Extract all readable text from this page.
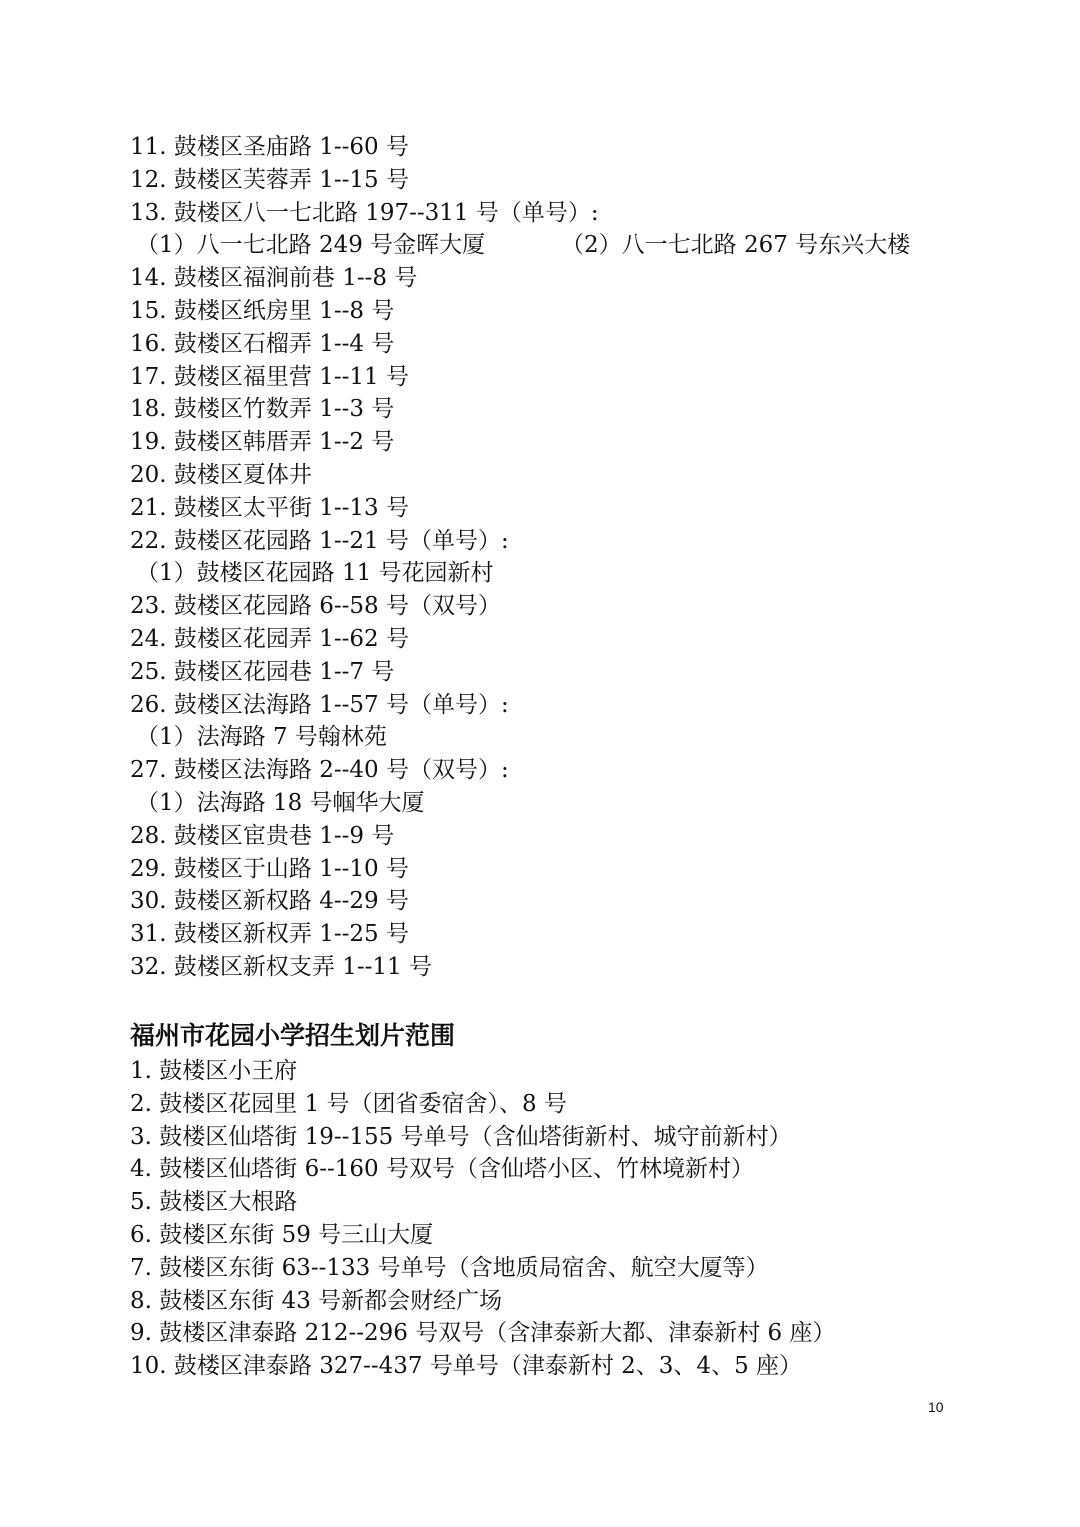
11. 鼓楼区圣庙路 1--60 号
12. 鼓楼区芙蓉弄 1--15 号
13. 鼓楼区八一七北路 197--311 号（单号）:
（1）八一七北路 249 号金晖大厦	（2）八一七北路 267 号东兴大楼
14. 鼓楼区福涧前巷 1--8 号
15. 鼓楼区纸房里 1--8 号
16. 鼓楼区石榴弄 1--4 号
17. 鼓楼区福里营 1--11 号
18. 鼓楼区竹数弄 1--3 号
19. 鼓楼区韩厝弄 1--2 号
20. 鼓楼区夏体井
21. 鼓楼区太平街 1--13 号
22. 鼓楼区花园路 1--21 号（单号）:
（1）鼓楼区花园路 11 号花园新村
23. 鼓楼区花园路 6--58 号（双号）
24. 鼓楼区花园弄 1--62 号
25. 鼓楼区花园巷 1--7 号
26. 鼓楼区法海路 1--57 号（单号）:
（1）法海路 7 号翰林苑
27. 鼓楼区法海路 2--40 号（双号）:
（1）法海路 18 号帼华大厦
28. 鼓楼区宦贵巷 1--9 号
29. 鼓楼区于山路 1--10 号
30. 鼓楼区新权路 4--29 号
31. 鼓楼区新权弄 1--25 号
32. 鼓楼区新权支弄 1--11 号
福州市花园小学招生划片范围
1. 鼓楼区小王府
2. 鼓楼区花园里 1 号（团省委宿舍）、8 号
3. 鼓楼区仙塔街 19--155 号单号（含仙塔街新村、城守前新村）
4. 鼓楼区仙塔街 6--160 号双号（含仙塔小区、竹林境新村）
5. 鼓楼区大根路
6. 鼓楼区东街 59 号三山大厦
7. 鼓楼区东街 63--133 号单号（含地质局宿舍、航空大厦等）
8. 鼓楼区东街 43 号新都会财经广场
9. 鼓楼区津泰路 212--296 号双号（含津泰新大都、津泰新村 6 座）
10. 鼓楼区津泰路 327--437 号单号（津泰新村 2、3、4、5 座）
10
